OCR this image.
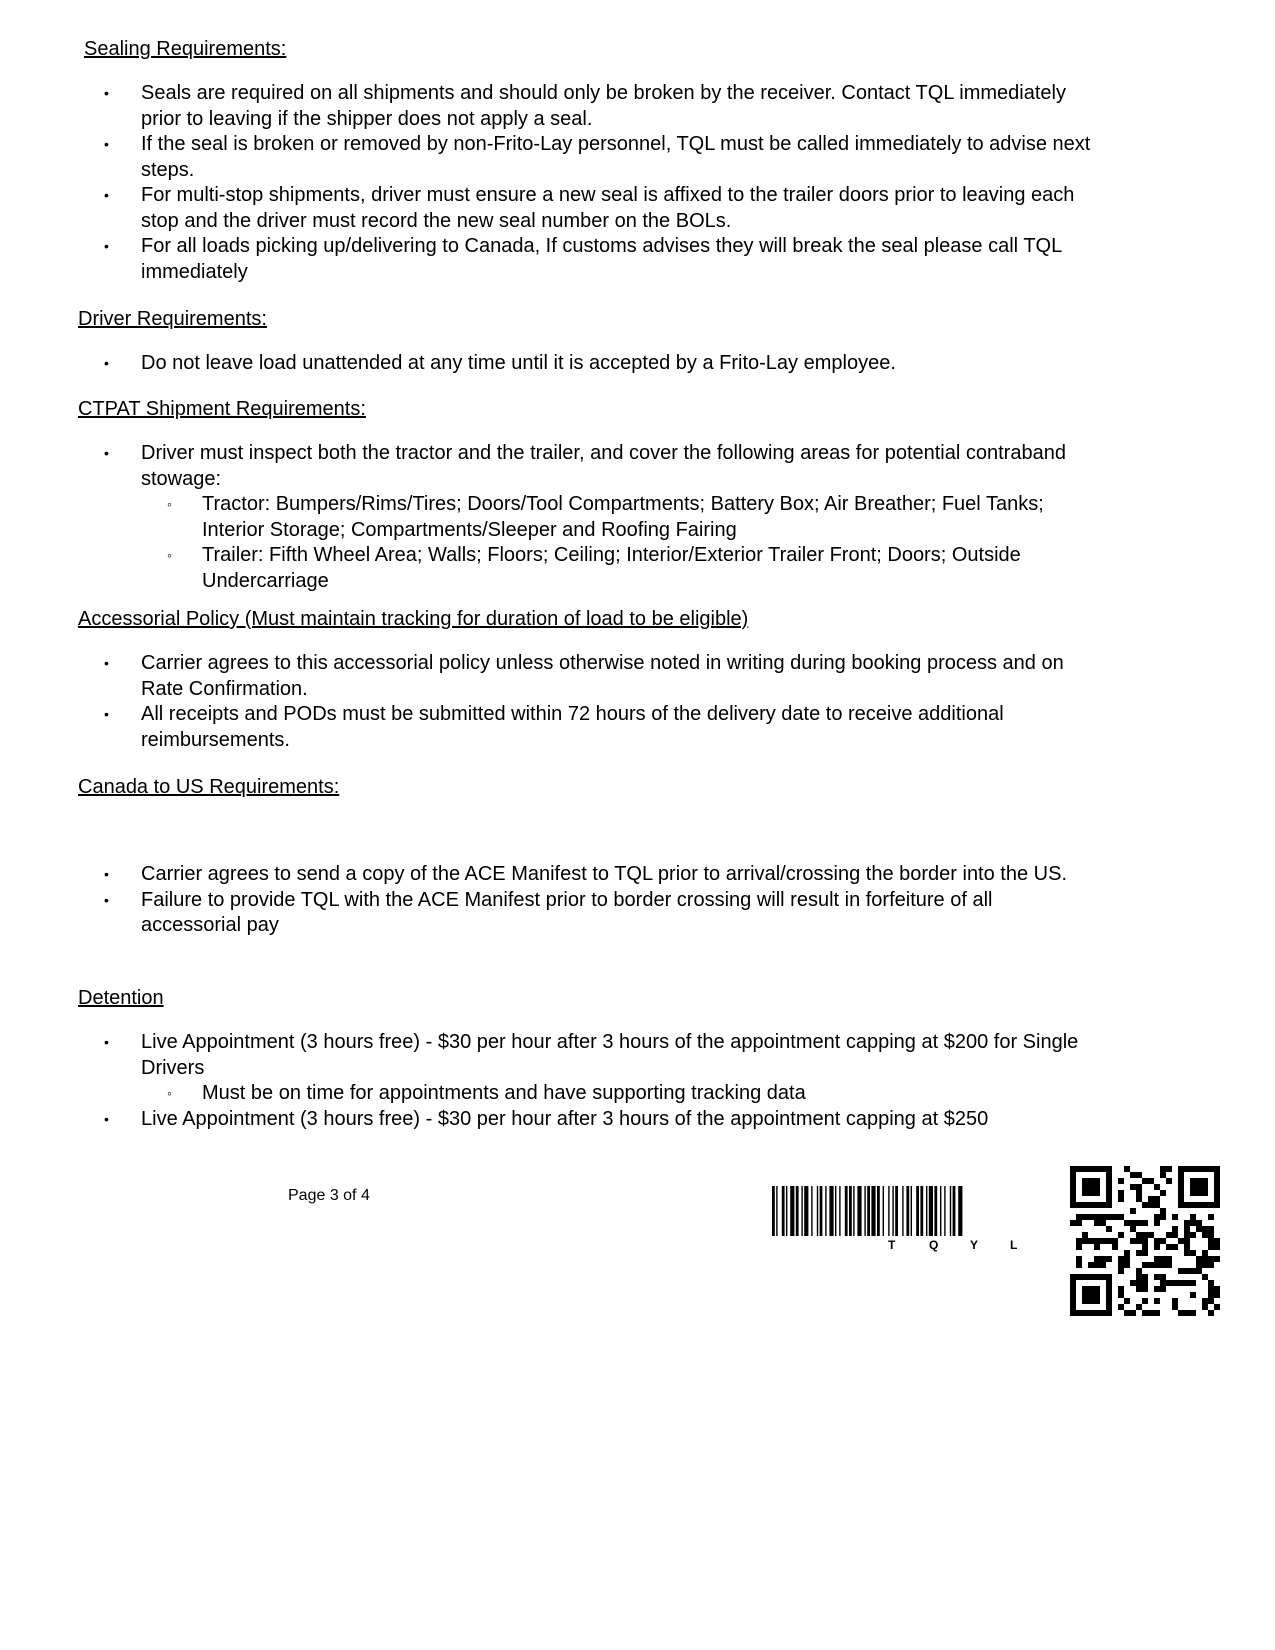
Sealing Requirements:

• Seals are required on all shipments and should only be broken by the receiver. Contact TQL immediately prior to leaving if the shipper does not apply a seal.
• If the seal is broken or removed by non-Frito-Lay personnel, TQL must be called immediately to advise next steps.
• For multi-stop shipments, driver must ensure a new seal is affixed to the trailer doors prior to leaving each stop and the driver must record the new seal number on the BOLs.
• For all loads picking up/delivering to Canada, If customs advises they will break the seal please call TQL immediately

Driver Requirements:

• Do not leave load unattended at any time until it is accepted by a Frito-Lay employee.

CTPAT Shipment Requirements:

• Driver must inspect both the tractor and the trailer, and cover the following areas for potential contraband stowage:
◦ Tractor: Bumpers/Rims/Tires; Doors/Tool Compartments; Battery Box; Air Breather; Fuel Tanks; Interior Storage; Compartments/Sleeper and Roofing Fairing
◦ Trailer: Fifth Wheel Area; Walls; Floors; Ceiling; Interior/Exterior Trailer Front; Doors; Outside Undercarriage

Accessorial Policy (Must maintain tracking for duration of load to be eligible)

• Carrier agrees to this accessorial policy unless otherwise noted in writing during booking process and on Rate Confirmation.
• All receipts and PODs must be submitted within 72 hours of the delivery date to receive additional reimbursements.

Canada to US Requirements:

• Carrier agrees to send a copy of the ACE Manifest to TQL prior to arrival/crossing the border into the US.
• Failure to provide TQL with the ACE Manifest prior to border crossing will result in forfeiture of all accessorial pay

Detention

• Live Appointment (3 hours free) - $30 per hour after 3 hours of the appointment capping at $200 for Single Drivers
◦ Must be on time for appointments and have supporting tracking data
• Live Appointment (3 hours free) - $30 per hour after 3 hours of the appointment capping at $250
Page 3 of 4
T	Q	Y	L
